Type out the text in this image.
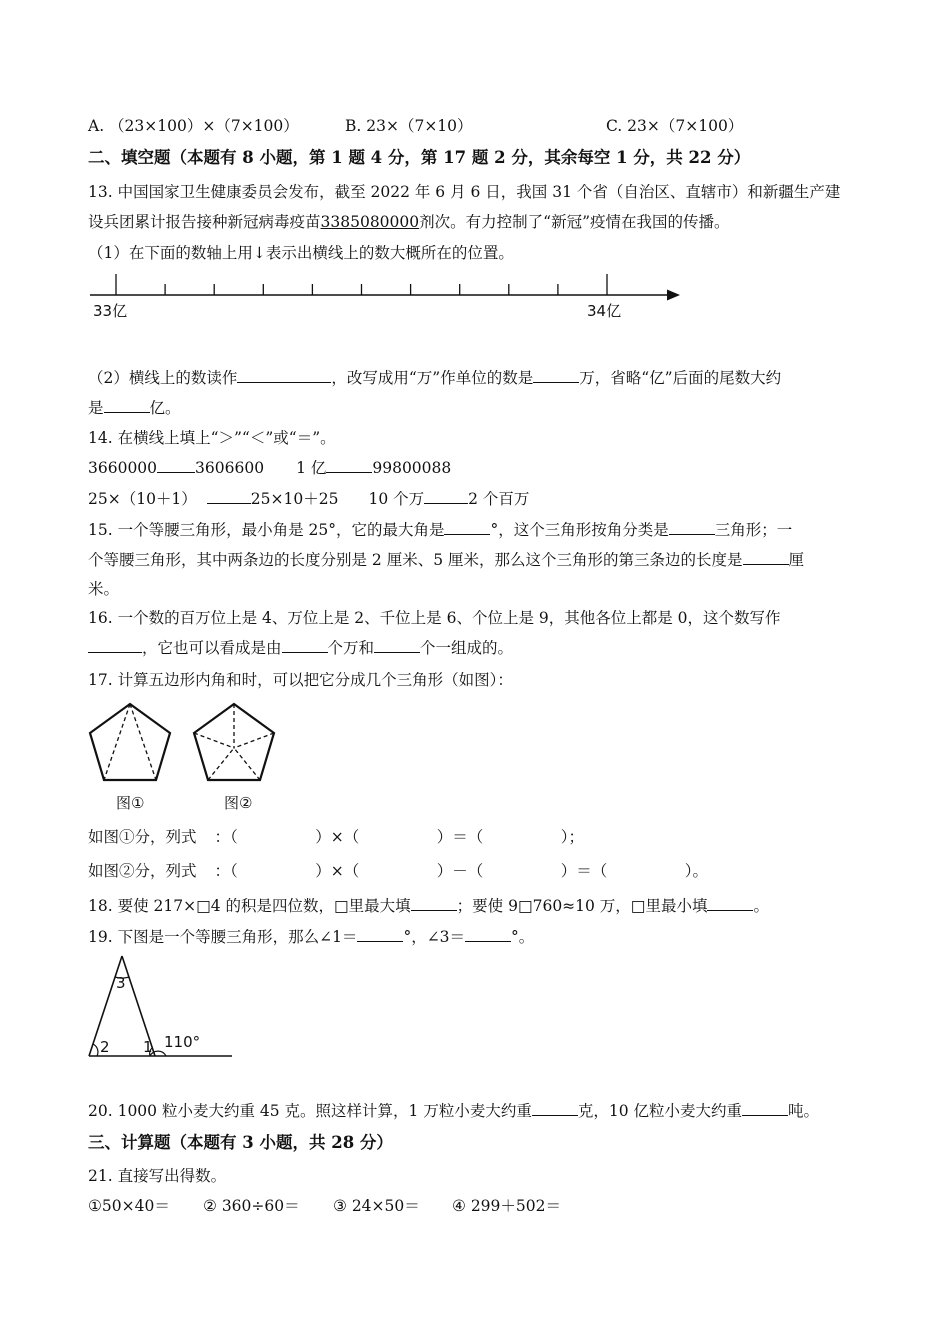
A. （23×100）×（7×100）	B. 23×（7×10）	C. 23×（7×100）
二、填空题（本题有 8 小题，第 1 题 4 分，第 17 题 2 分，其余每空 1 分，共 22 分）
13. 中国国家卫生健康委员会发布，截至 2022 年 6 月 6 日，我国 31 个省（自治区、直辖市）和新疆生产建
设兵团累计报告接种新冠病毒疫苗3385080000剂次。有力控制了“新冠”疫情在我国的传播。
（1）在下面的数轴上用↓表示出横线上的数大概所在的位置。
33亿	34亿
（2）横线上的数读作	，改写成用“万”作单位的数是	万，省略“亿”后面的尾数大约
是	亿。
14. 在横线上填上“＞”“＜”或“＝”。
3660000 3606600 1 亿	99800088
25×（10＋1）	25×10＋25 10 个万	2 个百万
15. 一个等腰三角形，最小角是 25°，它的最大角是	°，这个三角形按角分类是	三角形；一
个等腰三角形，其中两条边的长度分别是 2 厘米、5 厘米，那么这个三角形的第三条边的长度是	厘
米。
16. 一个数的百万位上是 4、万位上是 2、千位上是 6、个位上是 9，其他各位上都是 0，这个数写作
，它也可以看成是由	个万和	个一组成的。
17. 计算五边形内角和时，可以把它分成几个三角形（如图）：
图①	图②
如图①分，列式 ：（　　　　　）×（　　　　　）＝（　　　　　）；
如图②分，列式 ：（　　　　　）×（　　　　　）－（　　　　　）＝（　　　　　）。
18. 要使 217×□4 的积是四位数，□里最大填	；要使 9□760≈10 万，□里最小填	。
19. 下图是一个等腰三角形，那么∠1＝	°，∠3＝	°。
3
2 1 110°
20. 1000 粒小麦大约重 45 克。照这样计算，1 万粒小麦大约重	克，10 亿粒小麦大约重	吨。
三、计算题（本题有 3 小题，共 28 分）
21. 直接写出得数。
①50×40＝ ② 360÷60＝ ③ 24×50＝ ④ 299＋502＝
